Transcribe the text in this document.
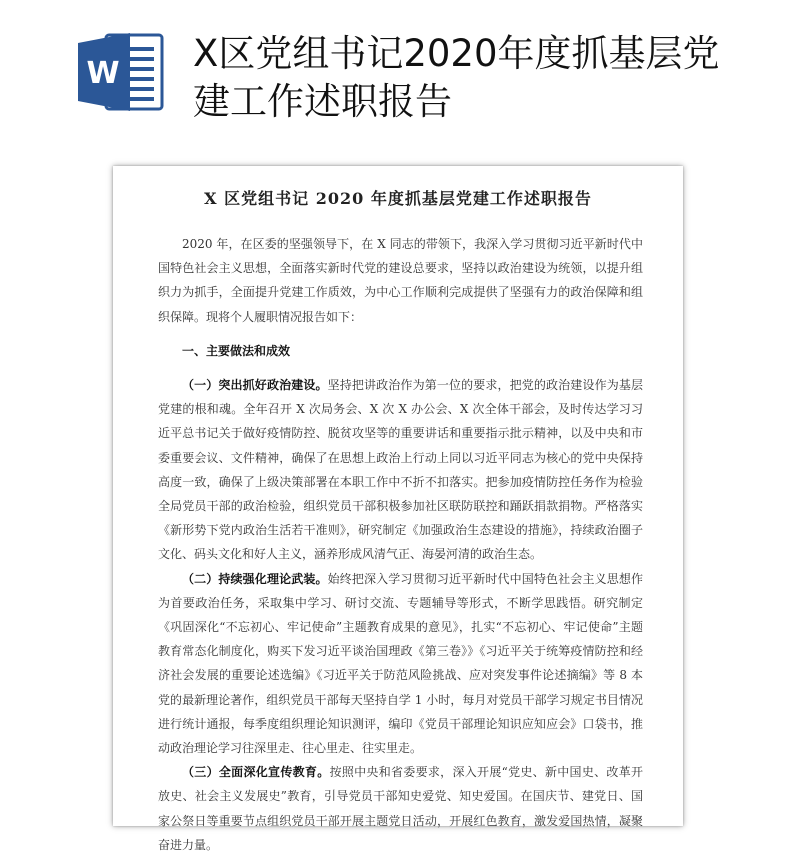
W X区党组书记2020年度抓基层党建工作述职报告
X 区党组书记 2020 年度抓基层党建工作述职报告

2020 年，在区委的坚强领导下，在 X 同志的带领下，我深入学习贯彻习近平新时代中国特色社会主义思想，全面落实新时代党的建设总要求，坚持以政治建设为统领，以提升组织力为抓手，全面提升党建工作质效，为中心工作顺利完成提供了坚强有力的政治保障和组织保障。现将个人履职情况报告如下：

一、主要做法和成效

（一）突出抓好政治建设。坚持把讲政治作为第一位的要求，把党的政治建设作为基层党建的根和魂。全年召开 X 次局务会、X 次 X 办公会、X 次全体干部会，及时传达学习习近平总书记关于做好疫情防控、脱贫攻坚等的重要讲话和重要指示批示精神，以及中央和市委重要会议、文件精神，确保了在思想上政治上行动上同以习近平同志为核心的党中央保持高度一致，确保了上级决策部署在本职工作中不折不扣落实。把参加疫情防控任务作为检验全局党员干部的政治检验，组织党员干部积极参加社区联防联控和踊跃捐款捐物。严格落实《新形势下党内政治生活若干准则》，研究制定《加强政治生态建设的措施》，持续政治圈子文化、码头文化和好人主义，涵养形成风清气正、海晏河清的政治生态。

（二）持续强化理论武装。始终把深入学习贯彻习近平新时代中国特色社会主义思想作为首要政治任务，采取集中学习、研讨交流、专题辅导等形式，不断学思践悟。研究制定《巩固深化“不忘初心、牢记使命”主题教育成果的意见》，扎实“不忘初心、牢记使命”主题教育常态化制度化，购买下发习近平谈治国理政《第三卷》》《习近平关于统筹疫情防控和经济社会发展的重要论述选编》《习近平关于防范风险挑战、应对突发事件论述摘编》等 8 本党的最新理论著作，组织党员干部每天坚持自学 1 小时，每月对党员干部学习规定书目情况进行统计通报，每季度组织理论知识测评，编印《党员干部理论知识应知应会》口袋书，推动政治理论学习往深里走、往心里走、往实里走。

（三）全面深化宣传教育。按照中央和省委要求，深入开展“党史、新中国史、改革开放史、社会主义发展史”教育，引导党员干部知史爱党、知史爱国。在国庆节、建党日、国家公祭日等重要节点组织党员干部开展主题党日活动，开展红色教育，激发爱国热情，凝聚奋进力量。
